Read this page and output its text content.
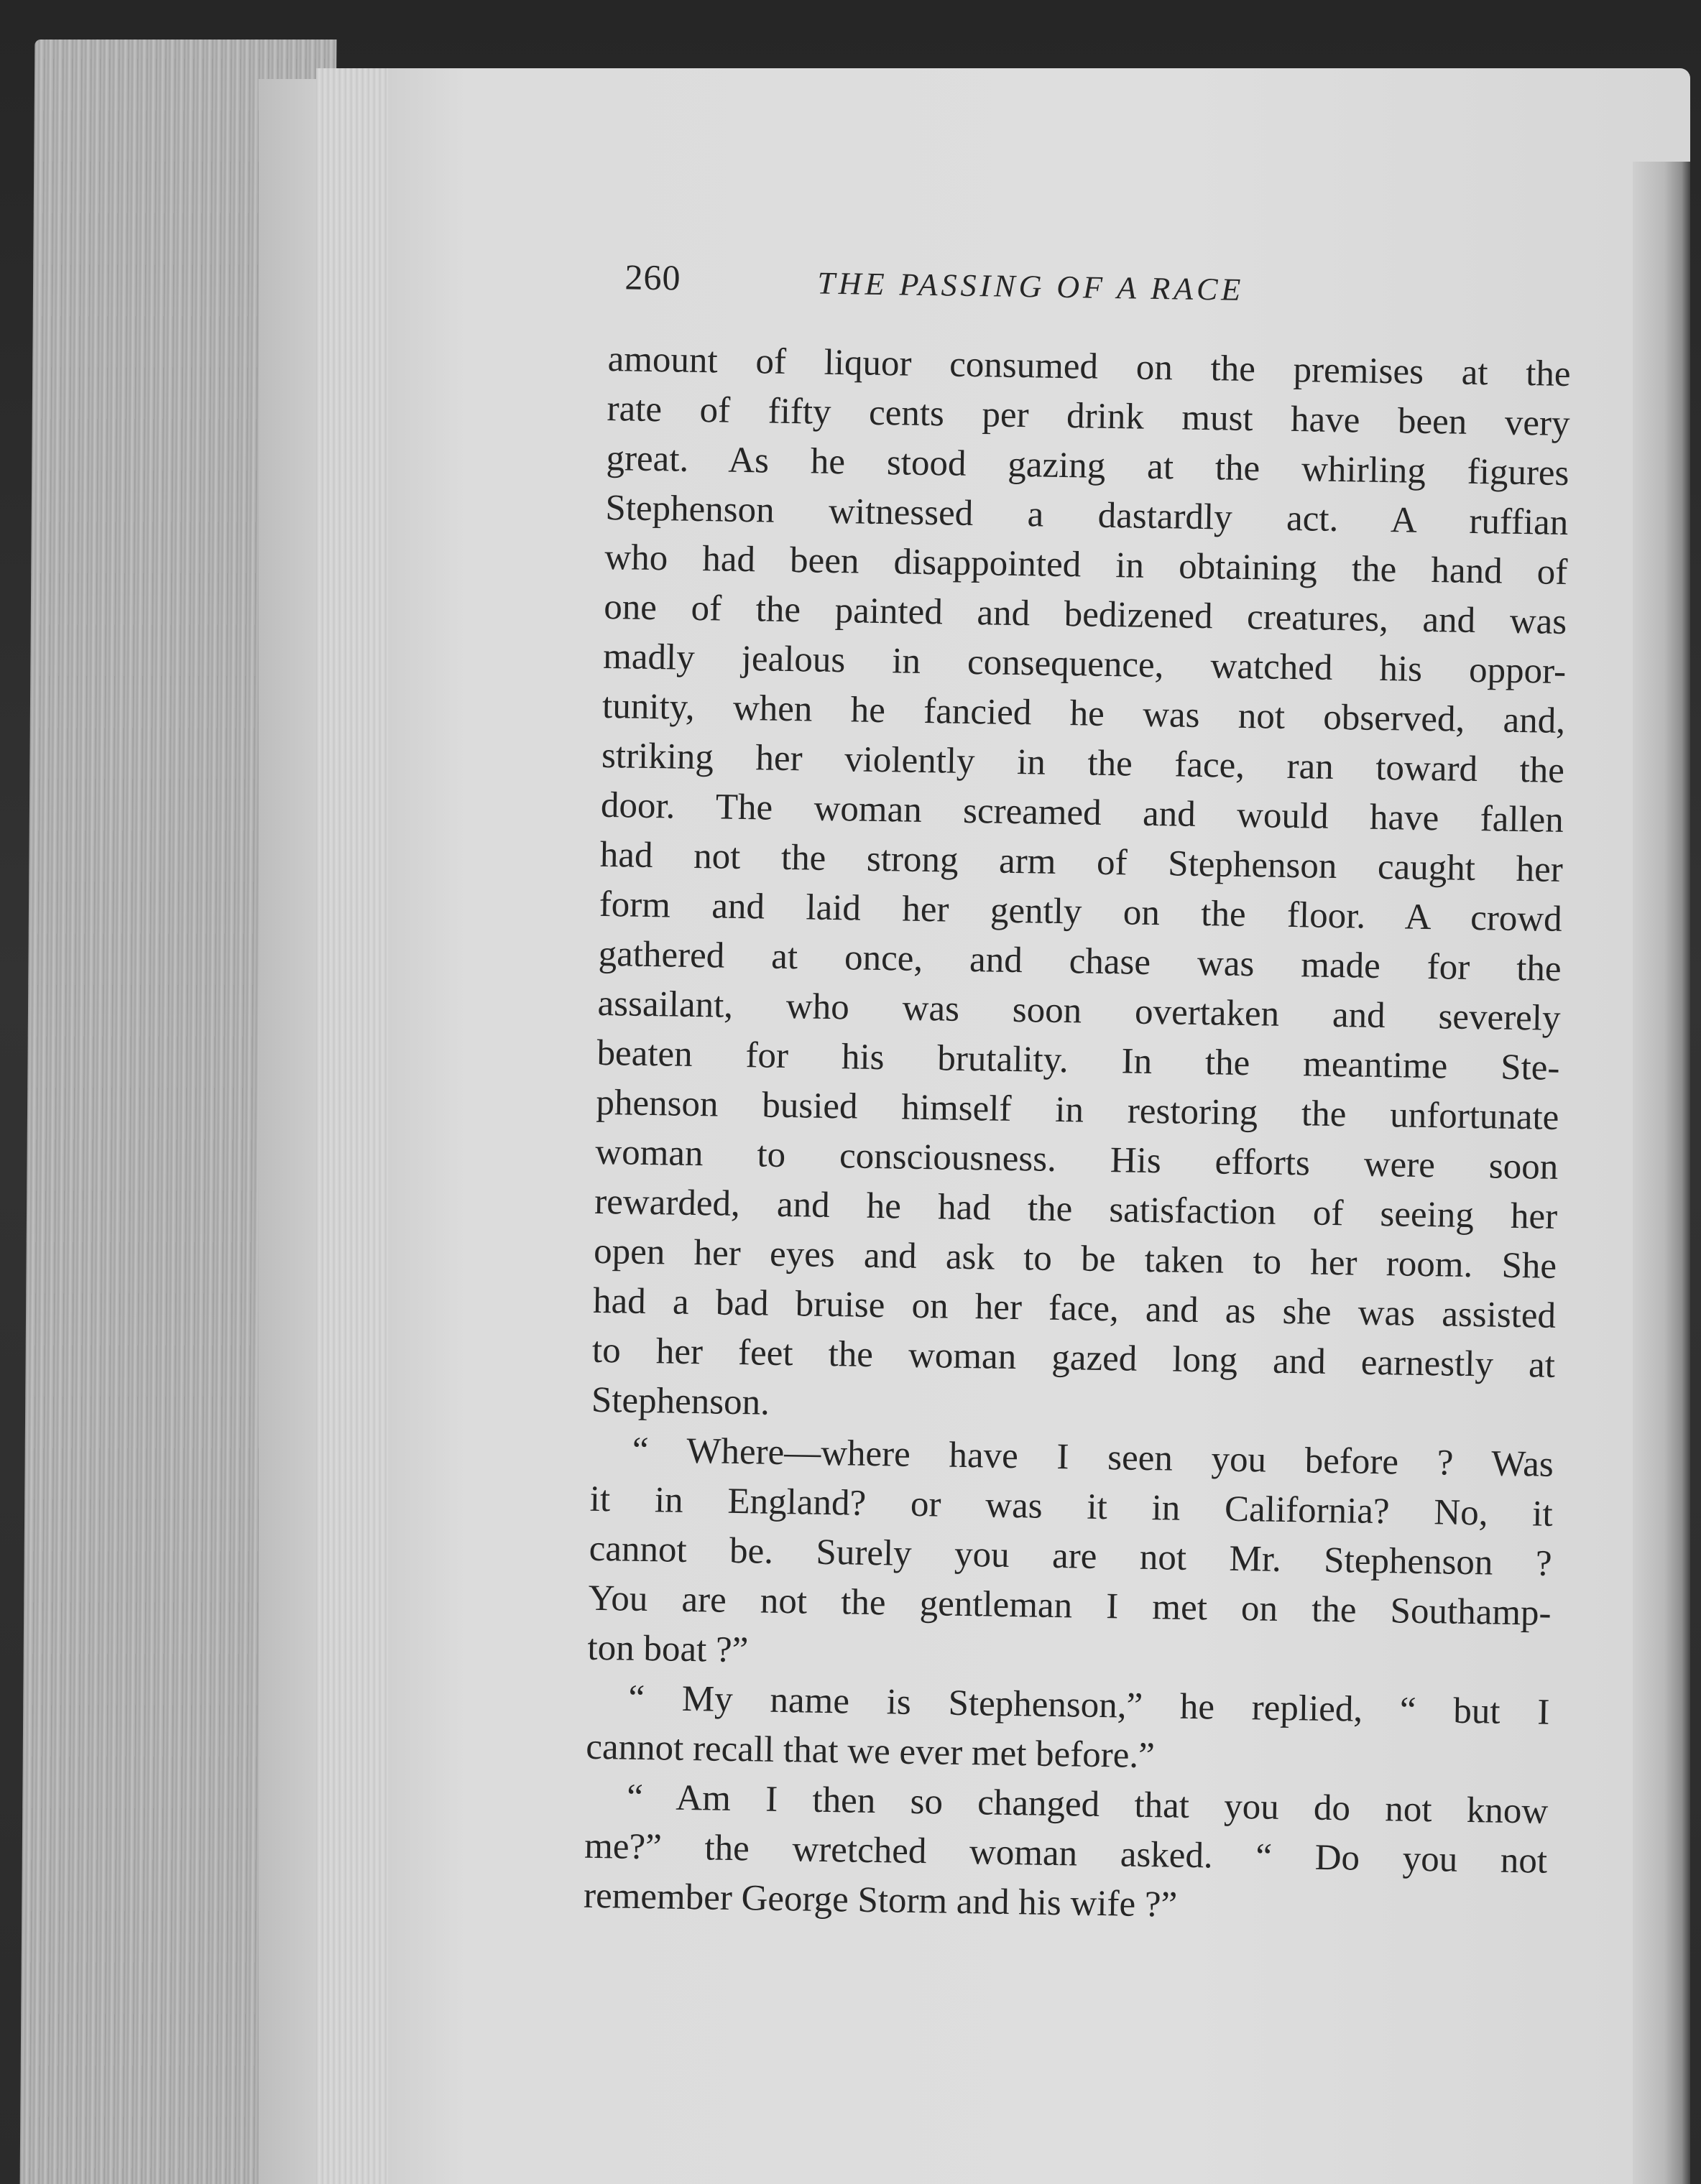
260	THE PASSING OF A RACE
amount of liquor consumed on the premises at the
rate of fifty cents per drink must have been very
great. As he stood gazing at the whirling figures
Stephenson witnessed a dastardly act. A ruffian
who had been disappointed in obtaining the hand of
one of the painted and bedizened creatures, and was
madly jealous in consequence, watched his oppor-
tunity, when he fancied he was not observed, and,
striking her violently in the face, ran toward the
door. The woman screamed and would have fallen
had not the strong arm of Stephenson caught her
form and laid her gently on the floor. A crowd
gathered at once, and chase was made for the
assailant, who was soon overtaken and severely
beaten for his brutality. In the meantime Ste-
phenson busied himself in restoring the unfortunate
woman to consciousness. His efforts were soon
rewarded, and he had the satisfaction of seeing her
open her eyes and ask to be taken to her room. She
had a bad bruise on her face, and as she was assisted
to her feet the woman gazed long and earnestly at
Stephenson.
“ Where—where have I seen you before ? Was
it in England? or was it in California? No, it
cannot be. Surely you are not Mr. Stephenson ?
You are not the gentleman I met on the Southamp-
ton boat ?”
“ My name is Stephenson,” he replied, “ but I
cannot recall that we ever met before.”
“ Am I then so changed that you do not know
me?” the wretched woman asked. “ Do you not
remember George Storm and his wife ?”
